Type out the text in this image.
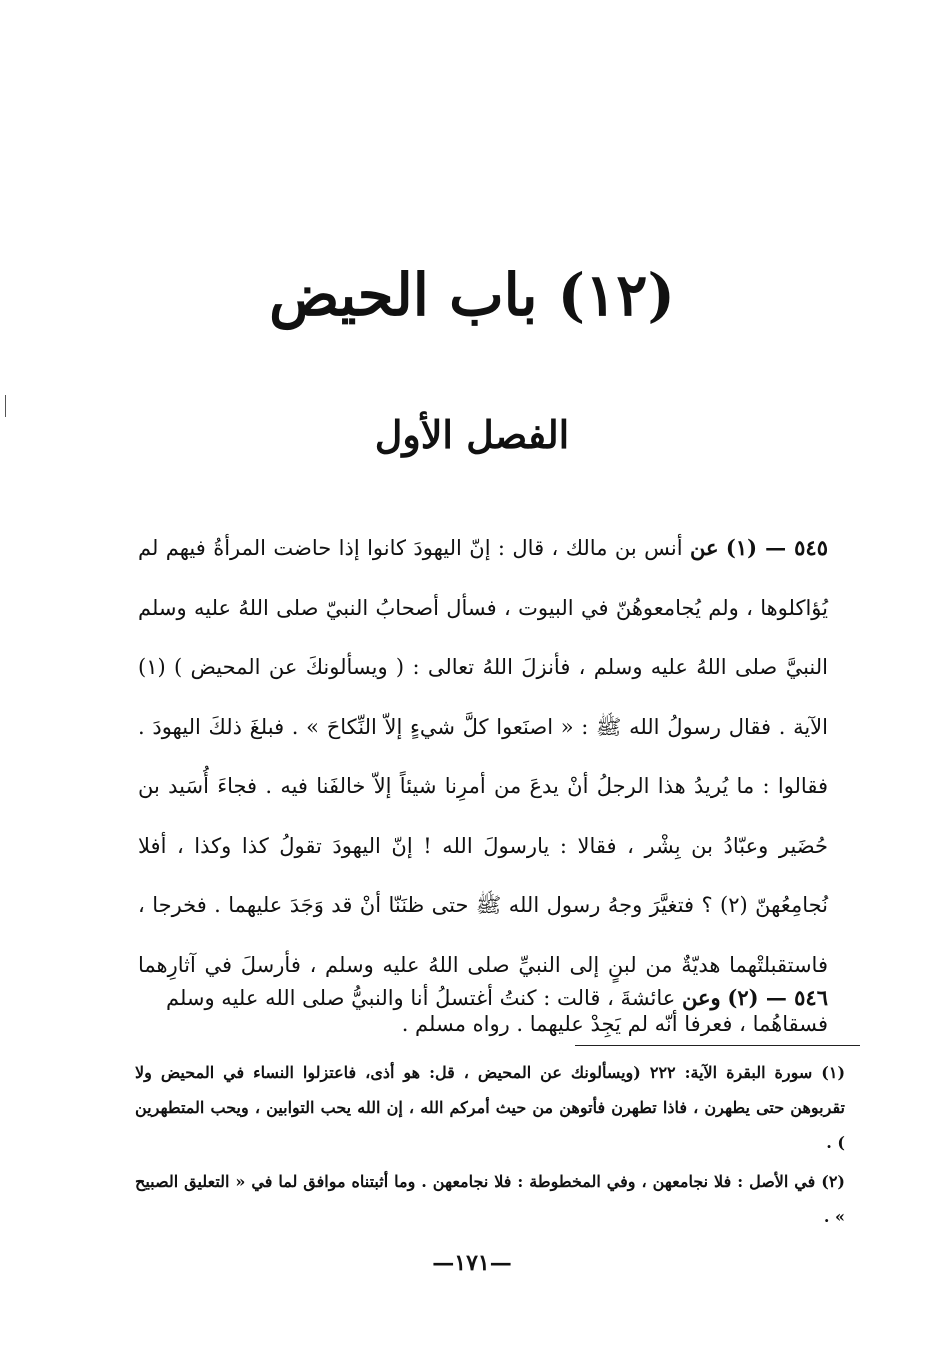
(١٢) باب الحيض
الفصل الأول

٥٤٥ — (١) عن أنس بن مالك ، قال : إنّ اليهودَ كانوا إذا حاضت المرأةُ فيهم لم يُؤاكلوها ، ولم يُجامعوهُنّ في البيوت ، فسأل أصحابُ النبيّ صلى اللهُ عليه وسلم النبيَّ صلى اللهُ عليه وسلم ، فأنزلَ اللهُ تعالى : ( ويسألونكَ عن المحيض ) (١) الآية . فقال رسولُ الله ﷺ : « اصنَعوا كلَّ شيءٍ إلاّ النِّكاحَ » . فبلغَ ذلكَ اليهودَ . فقالوا : ما يُريدُ هذا الرجلُ أنْ يدعَ من أمرِنا شيئاً إلاّ خالفَنا فيه . فجاءَ أُسَيد بن حُضَير وعبّادُ بن بِشْر ، فقالا : يارسولَ الله ! إنّ اليهودَ تقولُ كذا وكذا ، أفلا نُجامِعُهنّ (٢) ؟ فتغيَّرَ وجهُ رسول الله ﷺ حتى ظنَنّا أنْ قد وَجَدَ عليهما . فخرجا ، فاستقبلتْهما هديّةٌ من لبنٍ إلى النبيِّ صلى اللهُ عليه وسلم ، فأرسلَ في آثارِهما فسقاهُما ، فعرفا أنّه لم يَجِدْ عليهما . رواه مسلم .

٥٤٦ — (٢) وعن عائشةَ ، قالت : كنتُ أغتسلُ أنا والنبيُّ صلى الله عليه وسلم

(١) سورة البقرة الآية: ٢٢٢ (ويسألونك عن المحيض ، قل: هو أذى، فاعتزلوا النساء في المحيض ولا تقربوهن حتى يطهرن ، فاذا تطهرن فأتوهن من حيث أمركم الله ، إن الله يحب التوابين ، ويحب المتطهرين ) .

(٢) في الأصل : فلا نجامعهن ، وفي المخطوطة : فلا نجامعهن . وما أثبتناه موافق لما في « التعليق الصبيح » .

—١٧١—
